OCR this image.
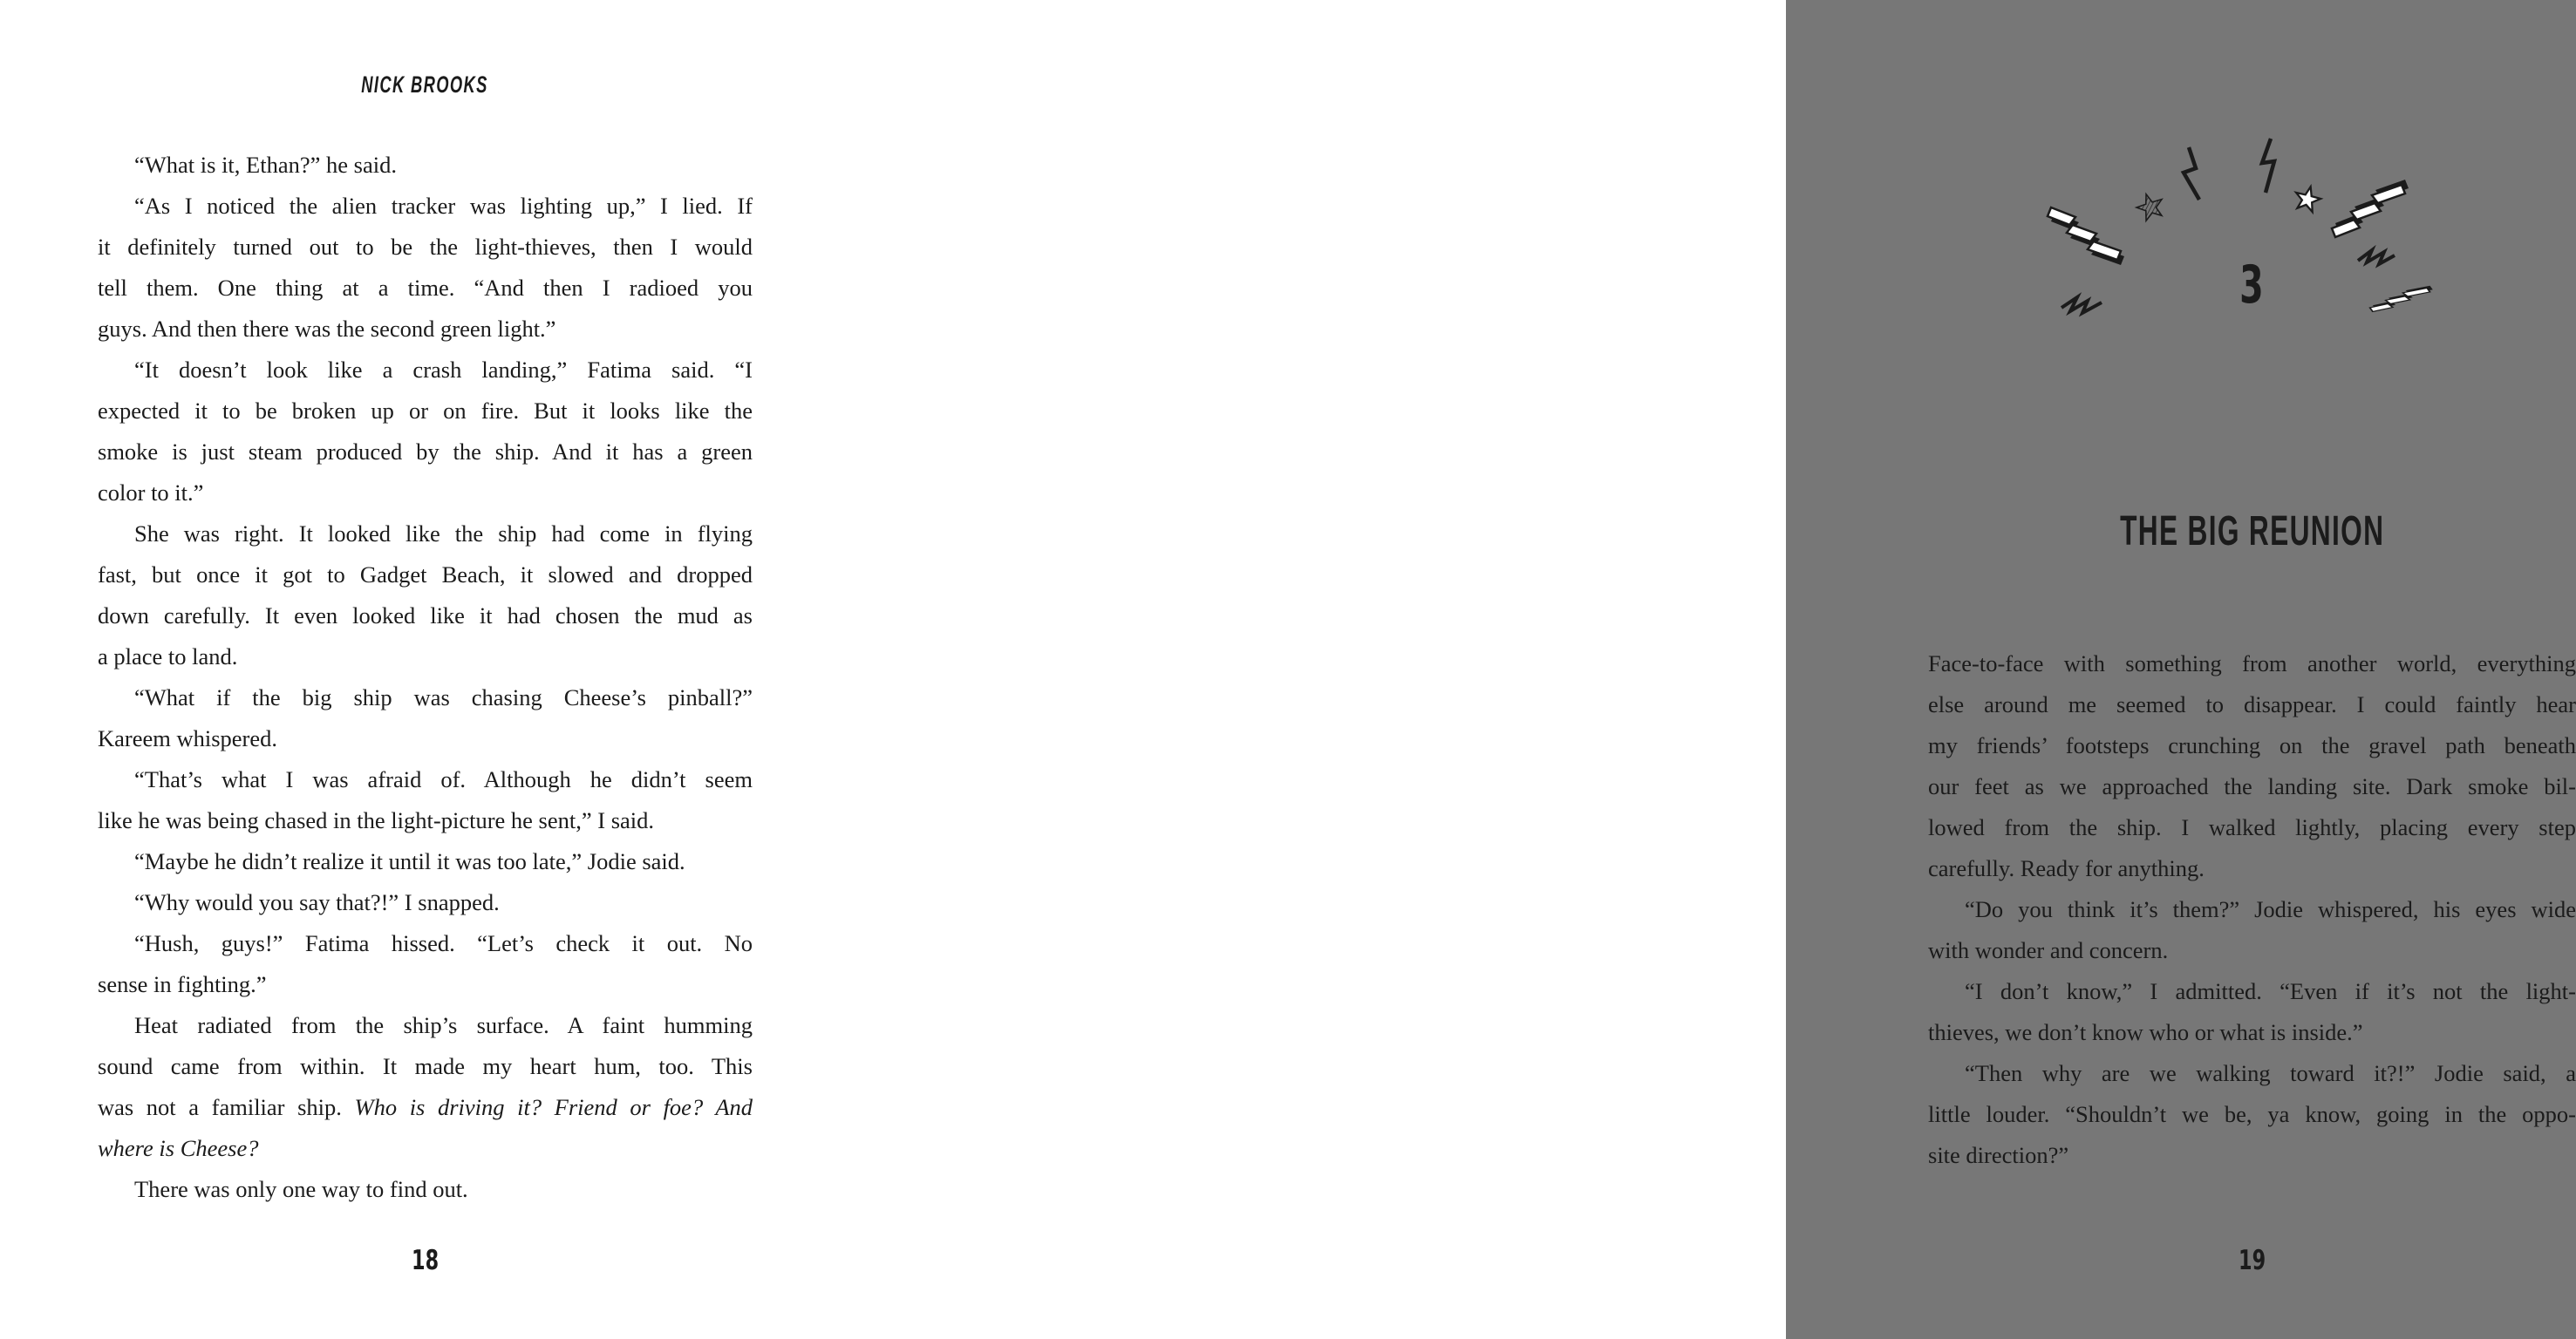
NICK BROOKS
“What is it, Ethan?” he said.
“As I noticed the alien tracker was lighting up,” I lied. If
it definitely turned out to be the light-thieves, then I would
tell them. One thing at a time. “And then I radioed you
guys. And then there was the second green light.”
“It doesn’t look like a crash landing,” Fatima said. “I
expected it to be broken up or on fire. But it looks like the
smoke is just steam produced by the ship. And it has a green
color to it.”
She was right. It looked like the ship had come in flying
fast, but once it got to Gadget Beach, it slowed and dropped
down carefully. It even looked like it had chosen the mud as
a place to land.
“What if the big ship was chasing Cheese’s pinball?”
Kareem whispered.
“That’s what I was afraid of. Although he didn’t seem
like he was being chased in the light-picture he sent,” I said.
“Maybe he didn’t realize it until it was too late,” Jodie said.
“Why would you say that?!” I snapped.
“Hush, guys!” Fatima hissed. “Let’s check it out. No
sense in fighting.”
Heat radiated from the ship’s surface. A faint humming
sound came from within. It made my heart hum, too. This
was not a familiar ship. Who is driving it? Friend or foe? And
where is Cheese?
There was only one way to find out.
18
3
THE BIG REUNION
Face-to-face with something from another world, everything
else around me seemed to disappear. I could faintly hear
my friends’ footsteps crunching on the gravel path beneath
our feet as we approached the landing site. Dark smoke bil-
lowed from the ship. I walked lightly, placing every step
carefully. Ready for anything.
“Do you think it’s them?” Jodie whispered, his eyes wide
with wonder and concern.
“I don’t know,” I admitted. “Even if it’s not the light-
thieves, we don’t know who or what is inside.”
“Then why are we walking toward it?!” Jodie said, a
little louder. “Shouldn’t we be, ya know, going in the oppo-
site direction?”
19
